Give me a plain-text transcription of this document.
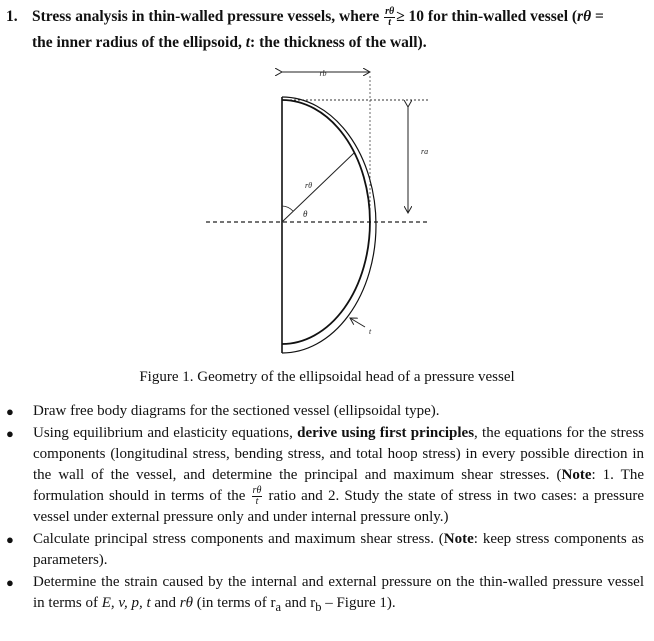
1. Stress analysis in thin-walled pressure vessels, where $\frac{r\theta}{t} \ge 10$ for thin-walled vessel (rθ =
the inner radius of the ellipsoid, t: the thickness of the wall).
rb
ra
rθ
θ
t
Figure 1. Geometry of the ellipsoidal head of a pressure vessel
● Draw free body diagrams for the sectioned vessel (ellipsoidal type).
● Using equilibrium and elasticity equations, derive using first principles, the equations for the stress components (longitudinal stress, bending stress, and total hoop stress) in every possible direction in the wall of the vessel, and determine the principal and maximum shear stresses. (Note: 1. The formulation should in terms of the $\frac{r\theta}{t}$ ratio and 2. Study the state of stress in two cases: a pressure vessel under external pressure only and under internal pressure only.)
● Calculate principal stress components and maximum shear stress. (Note: keep stress components as parameters).
● Determine the strain caused by the internal and external pressure on the thin-walled pressure vessel in terms of E, v, p, t and rθ (in terms of $r_a$ and $r_b$ – Figure 1).
